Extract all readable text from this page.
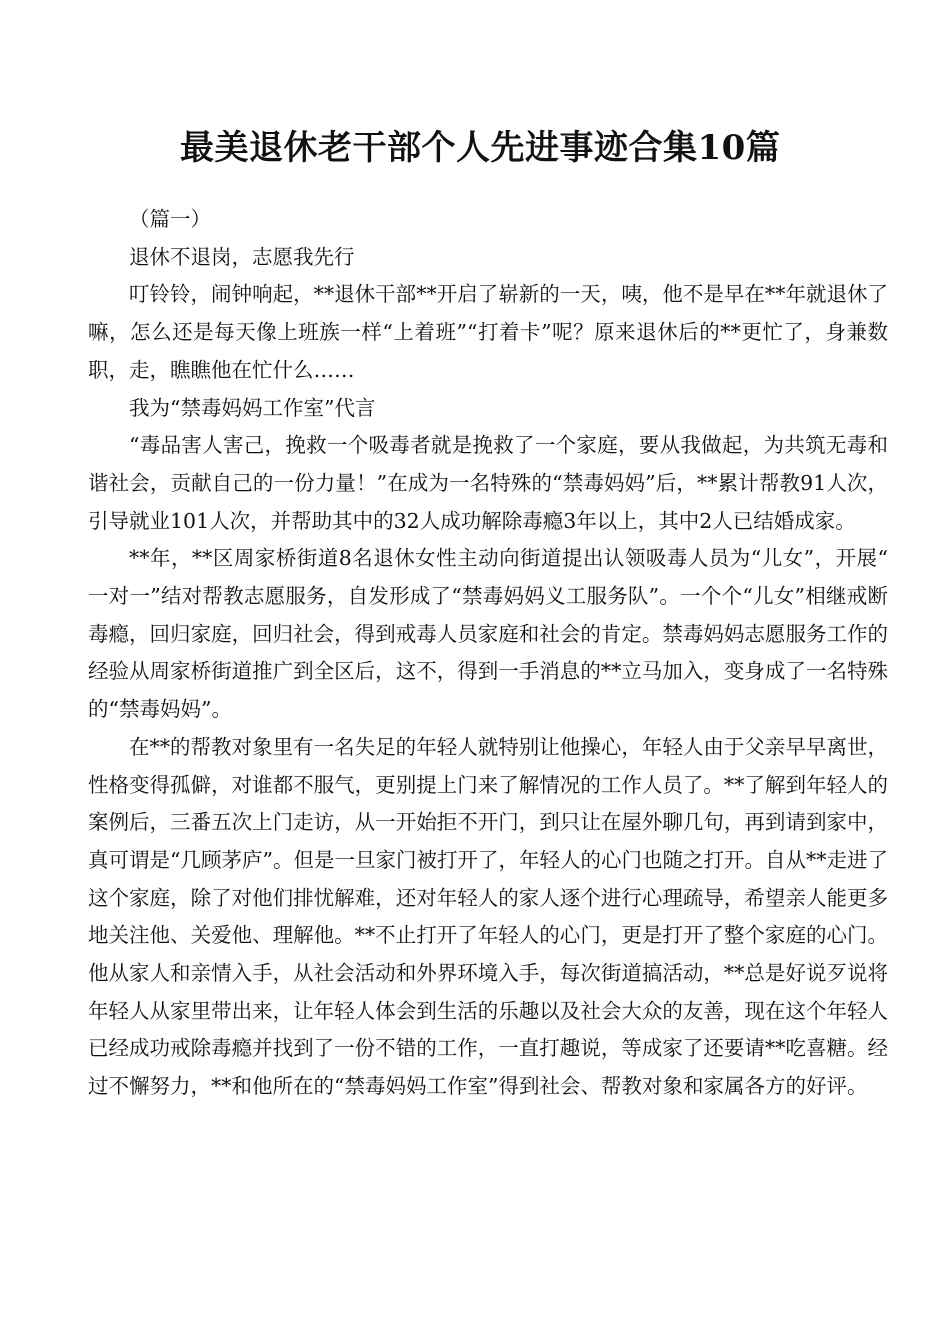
最美退休老干部个人先进事迹合集10篇

（篇一）

退休不退岗，志愿我先行

叮铃铃，闹钟响起，**退休干部**开启了崭新的一天，咦，他不是早在**年就退休了嘛，怎么还是每天像上班族一样“上着班”“打着卡”呢？原来退休后的**更忙了，身兼数职，走，瞧瞧他在忙什么……

我为“禁毒妈妈工作室”代言

“毒品害人害己，挽救一个吸毒者就是挽救了一个家庭，要从我做起，为共筑无毒和谐社会，贡献自己的一份力量！”在成为一名特殊的“禁毒妈妈”后，**累计帮教91人次，引导就业101人次，并帮助其中的32人成功解除毒瘾3年以上，其中2人已结婚成家。

**年，**区周家桥街道8名退休女性主动向街道提出认领吸毒人员为“儿女”，开展“一对一”结对帮教志愿服务，自发形成了“禁毒妈妈义工服务队”。一个个“儿女”相继戒断毒瘾，回归家庭，回归社会，得到戒毒人员家庭和社会的肯定。禁毒妈妈志愿服务工作的经验从周家桥街道推广到全区后，这不，得到一手消息的**立马加入，变身成了一名特殊的“禁毒妈妈”。

在**的帮教对象里有一名失足的年轻人就特别让他操心，年轻人由于父亲早早离世，性格变得孤僻，对谁都不服气，更别提上门来了解情况的工作人员了。**了解到年轻人的案例后，三番五次上门走访，从一开始拒不开门，到只让在屋外聊几句，再到请到家中，真可谓是“几顾茅庐”。但是一旦家门被打开了，年轻人的心门也随之打开。自从**走进了这个家庭，除了对他们排忧解难，还对年轻人的家人逐个进行心理疏导，希望亲人能更多地关注他、关爱他、理解他。**不止打开了年轻人的心门，更是打开了整个家庭的心门。他从家人和亲情入手，从社会活动和外界环境入手，每次街道搞活动，**总是好说歹说将年轻人从家里带出来，让年轻人体会到生活的乐趣以及社会大众的友善，现在这个年轻人已经成功戒除毒瘾并找到了一份不错的工作，一直打趣说，等成家了还要请**吃喜糖。经过不懈努力，**和他所在的“禁毒妈妈工作室”得到社会、帮教对象和家属各方的好评。
